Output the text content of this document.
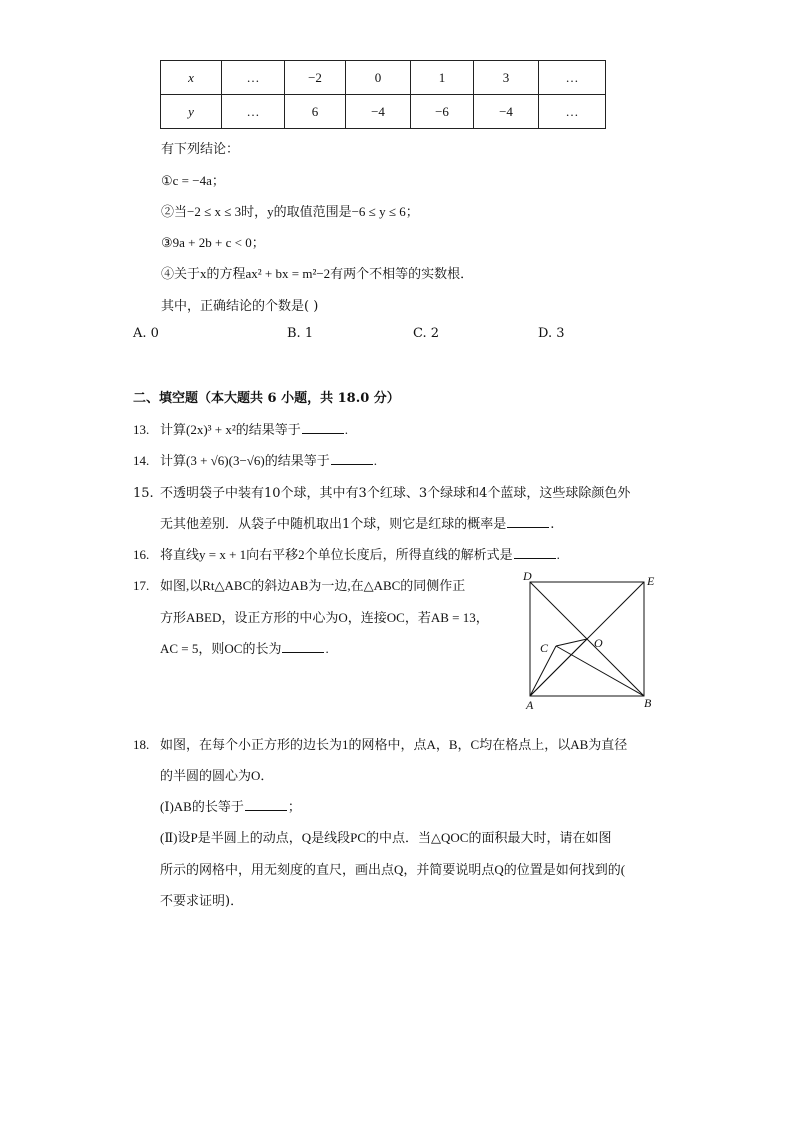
x	…	−2	0	1	3	…
y	…	6	−4	−6	−4	…
有下列结论：
①c = −4a；
②当−2 ≤ x ≤ 3时，y的取值范围是−6 ≤ y ≤ 6；
③9a + 2b + c < 0；
④关于x的方程ax² + bx = m²−2有两个不相等的实数根．
其中，正确结论的个数是( )
A. 0	B. 1	C. 2	D. 3
二、填空题（本大题共 6 小题，共 18.0 分）
13. 计算(2x)³ + x²的结果等于	.
14. 计算(3 + √6)(3−√6)的结果等于	.
15. 不透明袋子中装有10个球，其中有3个红球、3个绿球和4个蓝球，这些球除颜色外
无其他差别．从袋子中随机取出1个球，则它是红球的概率是	.
16. 将直线y = x + 1向右平移2个单位长度后，所得直线的解析式是	.
17. 如图,以Rt△ABC的斜边AB为一边,在△ABC的同侧作正
方形ABED，设正方形的中心为O，连接OC，若AB = 13，
AC = 5，则OC的长为	.
D	E
A	B
C	O
18. 如图，在每个小正方形的边长为1的网格中，点A，B，C均在格点上，以AB为直径
的半圆的圆心为O．
(Ⅰ)AB的长等于	；
(Ⅱ)设P是半圆上的动点，Q是线段PC的中点．当△QOC的面积最大时，请在如图
所示的网格中，用无刻度的直尺，画出点Q，并简要说明点Q的位置是如何找到的(
不要求证明)．
